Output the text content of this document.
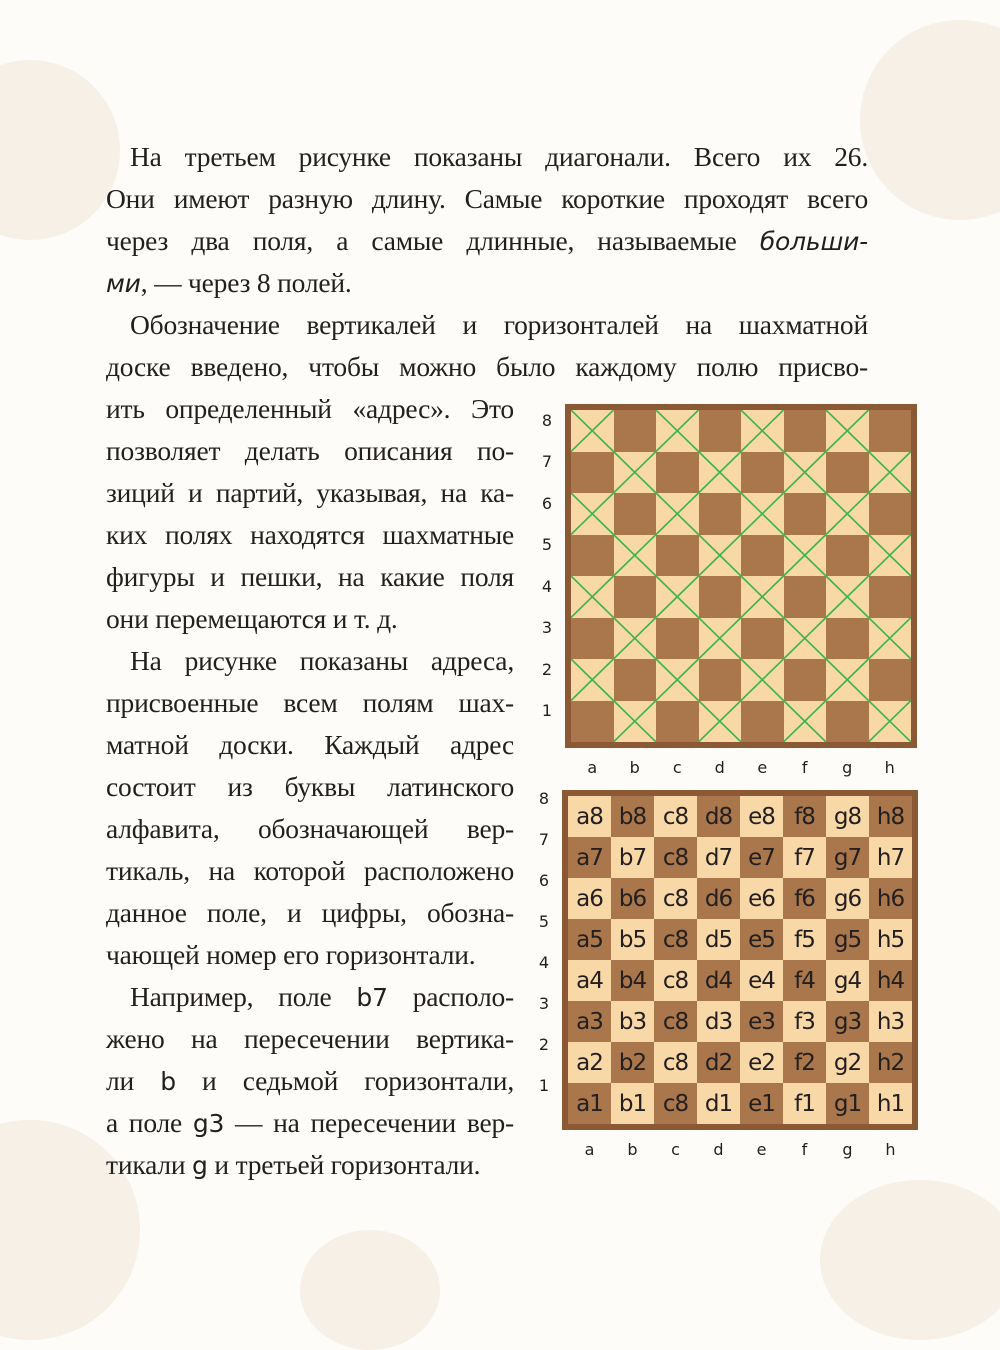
На третьем рисунке показаны диагонали. Всего их 26.
Они имеют разную длину. Самые короткие проходят всего
через два поля, а самые длинные, называемые больши-
ми, — через 8 полей.
Обозначение вертикалей и горизонталей на шахматной
доске введено, чтобы можно было каждому полю присво-
ить определенный «адрес». Это
позволяет делать описания по-
зиций и партий, указывая, на ка-
ких полях находятся шахматные
фигуры и пешки, на какие поля
они перемещаются и т. д.
На рисунке показаны адреса,
присвоенные всем полям шах-
матной доски. Каждый адрес
состоит из буквы латинского
алфавита, обозначающей вер-
тикаль, на которой расположено
данное поле, и цифры, обозна-
чающей номер его горизонтали.
Например, поле b7 располо-
жено на пересечении вертика-
ли b и седьмой горизонтали,
а поле g3 — на пересечении вер-
тикали g и третьей горизонтали.
8
7
6
5
4
3
2
1
a	b	c	d	e	f	g	h
a8 b8 c8 d8 e8 f8 g8 h8
a7 b7 c8 d7 e7 f7 g7 h7
a6 b6 c8 d6 e6 f6 g6 h6
a5 b5 c8 d5 e5 f5 g5 h5
a4 b4 c8 d4 e4 f4 g4 h4
a3 b3 c8 d3 e3 f3 g3 h3
a2 b2 c8 d2 e2 f2 g2 h2
a1 b1 c8 d1 e1 f1 g1 h1
8
7
6
5
4
3
2
1
a	b	c	d	e	f	g	h
